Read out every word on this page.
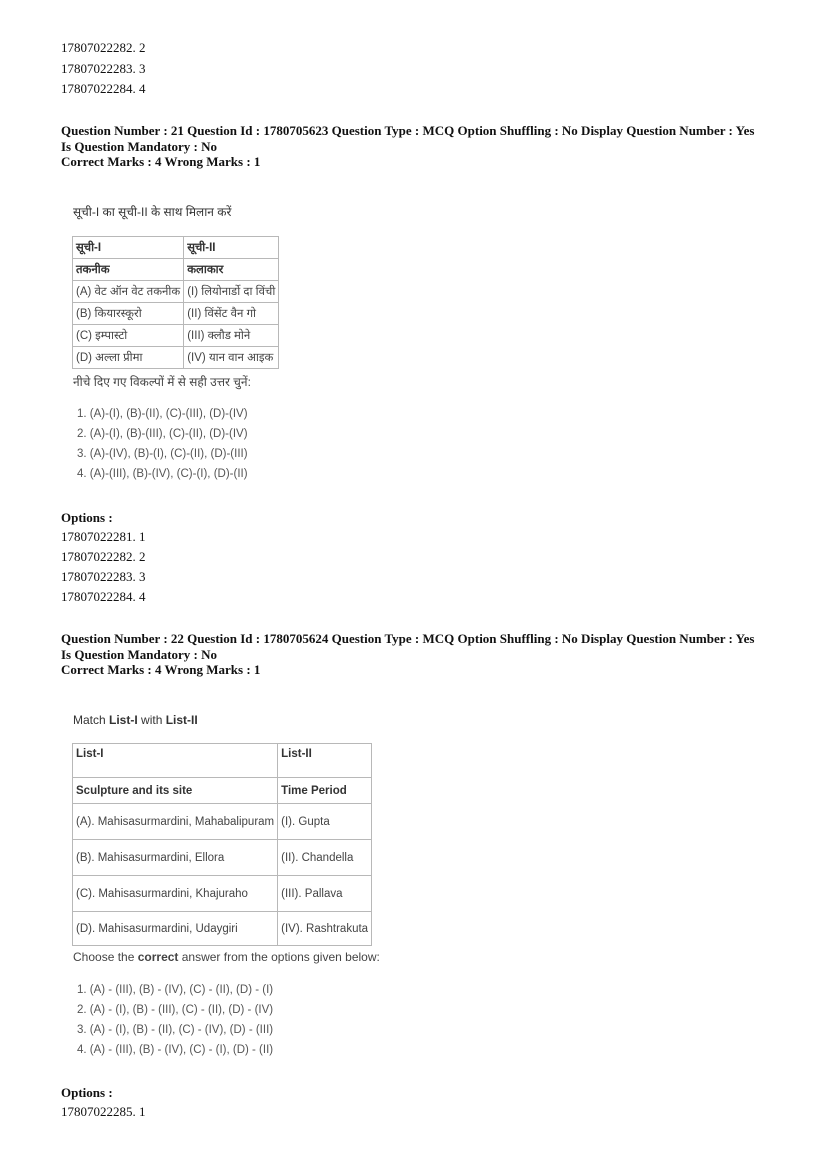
17807022282. 2
17807022283. 3
17807022284. 4
Question Number : 21 Question Id : 1780705623 Question Type : MCQ Option Shuffling : No Display Question Number : Yes
Is Question Mandatory : No
Correct Marks : 4 Wrong Marks : 1
सूची-I का सूची-II के साथ मिलान करें
सूची-I	सूची-II
तकनीक	कलाकार
(A) वेट ऑन वेट तकनीक	(I) लियोनार्डो दा विंची
(B) कियारस्कूरो	(II) विंसेंट वैन गो
(C) इम्पास्टो	(III) क्लौड मोने
(D) अल्ला प्रीमा	(IV) यान वान आइक
नीचे दिए गए विकल्पों में से सही उत्तर चुनें:
1. (A)-(I), (B)-(II), (C)-(III), (D)-(IV)
2. (A)-(I), (B)-(III), (C)-(II), (D)-(IV)
3. (A)-(IV), (B)-(I), (C)-(II), (D)-(III)
4. (A)-(III), (B)-(IV), (C)-(I), (D)-(II)
Options :
17807022281. 1
17807022282. 2
17807022283. 3
17807022284. 4
Question Number : 22 Question Id : 1780705624 Question Type : MCQ Option Shuffling : No Display Question Number : Yes
Is Question Mandatory : No
Correct Marks : 4 Wrong Marks : 1
Match List-I with List-II
List-I	List-II
Sculpture and its site	Time Period
(A). Mahisasurmardini, Mahabalipuram	(I). Gupta
(B). Mahisasurmardini, Ellora	(II). Chandella
(C). Mahisasurmardini, Khajuraho	(III). Pallava
(D). Mahisasurmardini, Udaygiri	(IV). Rashtrakuta
Choose the correct answer from the options given below:
1. (A) - (III), (B) - (IV), (C) - (II), (D) - (I)
2. (A) - (I), (B) - (III), (C) - (II), (D) - (IV)
3. (A) - (I), (B) - (II), (C) - (IV), (D) - (III)
4. (A) - (III), (B) - (IV), (C) - (I), (D) - (II)
Options :
17807022285. 1
